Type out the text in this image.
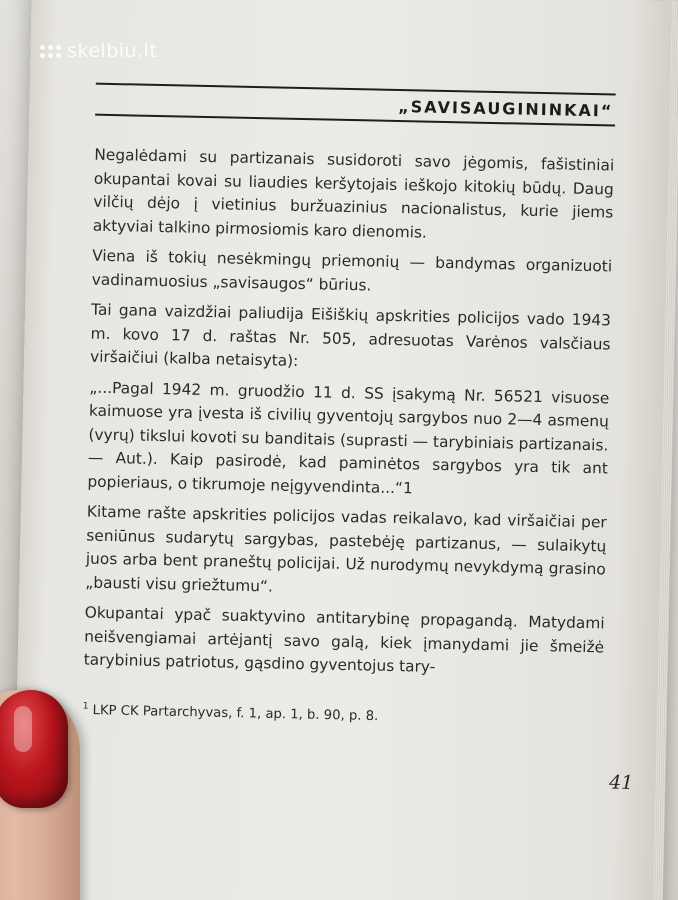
„SAVISAUGININKAI“

Negalėdami su partizanais susidoroti savo jėgomis, fašistiniai okupantai kovai su liaudies keršytojais ieškojo kitokių būdų. Daug vilčių dėjo į vietinius buržuazinius nacionalistus, kurie jiems aktyviai talkino pirmosiomis karo dienomis.

Viena iš tokių nesėkmingų priemonių — bandymas organizuoti vadinamuosius „savisaugos“ būrius.

Tai gana vaizdžiai paliudija Eišiškių apskrities policijos vado 1943 m. kovo 17 d. raštas Nr. 505, adresuotas Varėnos valsčiaus viršaičiui (kalba netaisyta):

„...Pagal 1942 m. gruodžio 11 d. SS įsakymą Nr. 56521 visuose kaimuose yra įvesta iš civilių gyventojų sargybos nuo 2—4 asmenų (vyrų) tikslui kovoti su banditais (suprasti — tarybiniais partizanais.— Aut.). Kaip pasirodė, kad paminėtos sargybos yra tik ant popieriaus, o tikrumoje neįgyvendinta...“1

Kitame rašte apskrities policijos vadas reikalavo, kad viršaičiai per seniūnus sudarytų sargybas, pastebėję partizanus, — sulaikytų juos arba bent praneštų policijai. Už nurodymų nevykdymą grasino „bausti visu griežtumu“.

Okupantai ypač suaktyvino antitarybinę propagandą. Matydami neišvengiamai artėjantį savo galą, kiek įmanydami jie šmeižė tarybinius patriotus, gąsdino gyventojus tary-

$^1$ LKP CK Partarchyvas, f. 1, ap. 1, b. 90, p. 8.
41
skelbiu.lt
